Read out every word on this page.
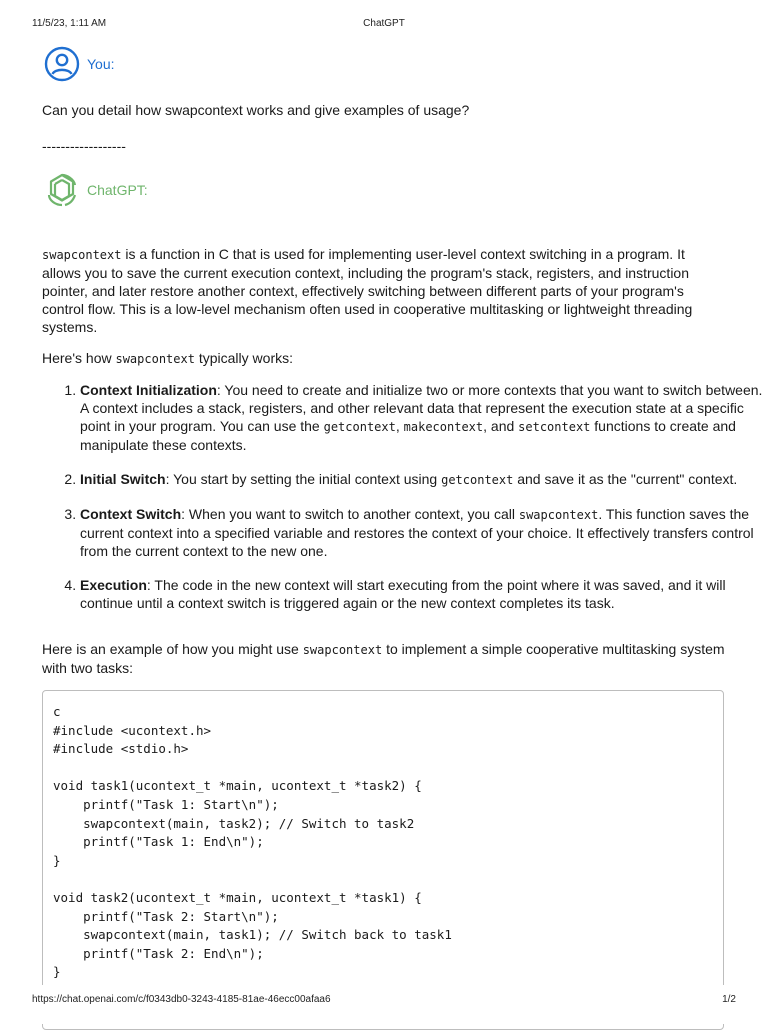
11/5/23, 1:11 AM	ChatGPT
You:
Can you detail how swapcontext works and give examples of usage?
------------------
ChatGPT:
swapcontext is a function in C that is used for implementing user-level context switching in a program. It allows you to save the current execution context, including the program's stack, registers, and instruction pointer, and later restore another context, effectively switching between different parts of your program's control flow. This is a low-level mechanism often used in cooperative multitasking or lightweight threading systems.
Here's how swapcontext typically works:
1. Context Initialization: You need to create and initialize two or more contexts that you want to switch between. A context includes a stack, registers, and other relevant data that represent the execution state at a specific point in your program. You can use the getcontext, makecontext, and setcontext functions to create and manipulate these contexts.
2. Initial Switch: You start by setting the initial context using getcontext and save it as the "current" context.
3. Context Switch: When you want to switch to another context, you call swapcontext. This function saves the current context into a specified variable and restores the context of your choice. It effectively transfers control from the current context to the new one.
4. Execution: The code in the new context will start executing from the point where it was saved, and it will continue until a context switch is triggered again or the new context completes its task.
Here is an example of how you might use swapcontext to implement a simple cooperative multitasking system with two tasks:
c
#include <ucontext.h>
#include <stdio.h>

void task1(ucontext_t *main, ucontext_t *task2) {
printf("Task 1: Start\n");
swapcontext(main, task2); // Switch to task2
printf("Task 1: End\n");
}

void task2(ucontext_t *main, ucontext_t *task1) {
printf("Task 2: Start\n");
swapcontext(main, task1); // Switch back to task1
printf("Task 2: End\n");
}
https://chat.openai.com/c/f0343db0-3243-4185-81ae-46ecc00afaa6	1/2
